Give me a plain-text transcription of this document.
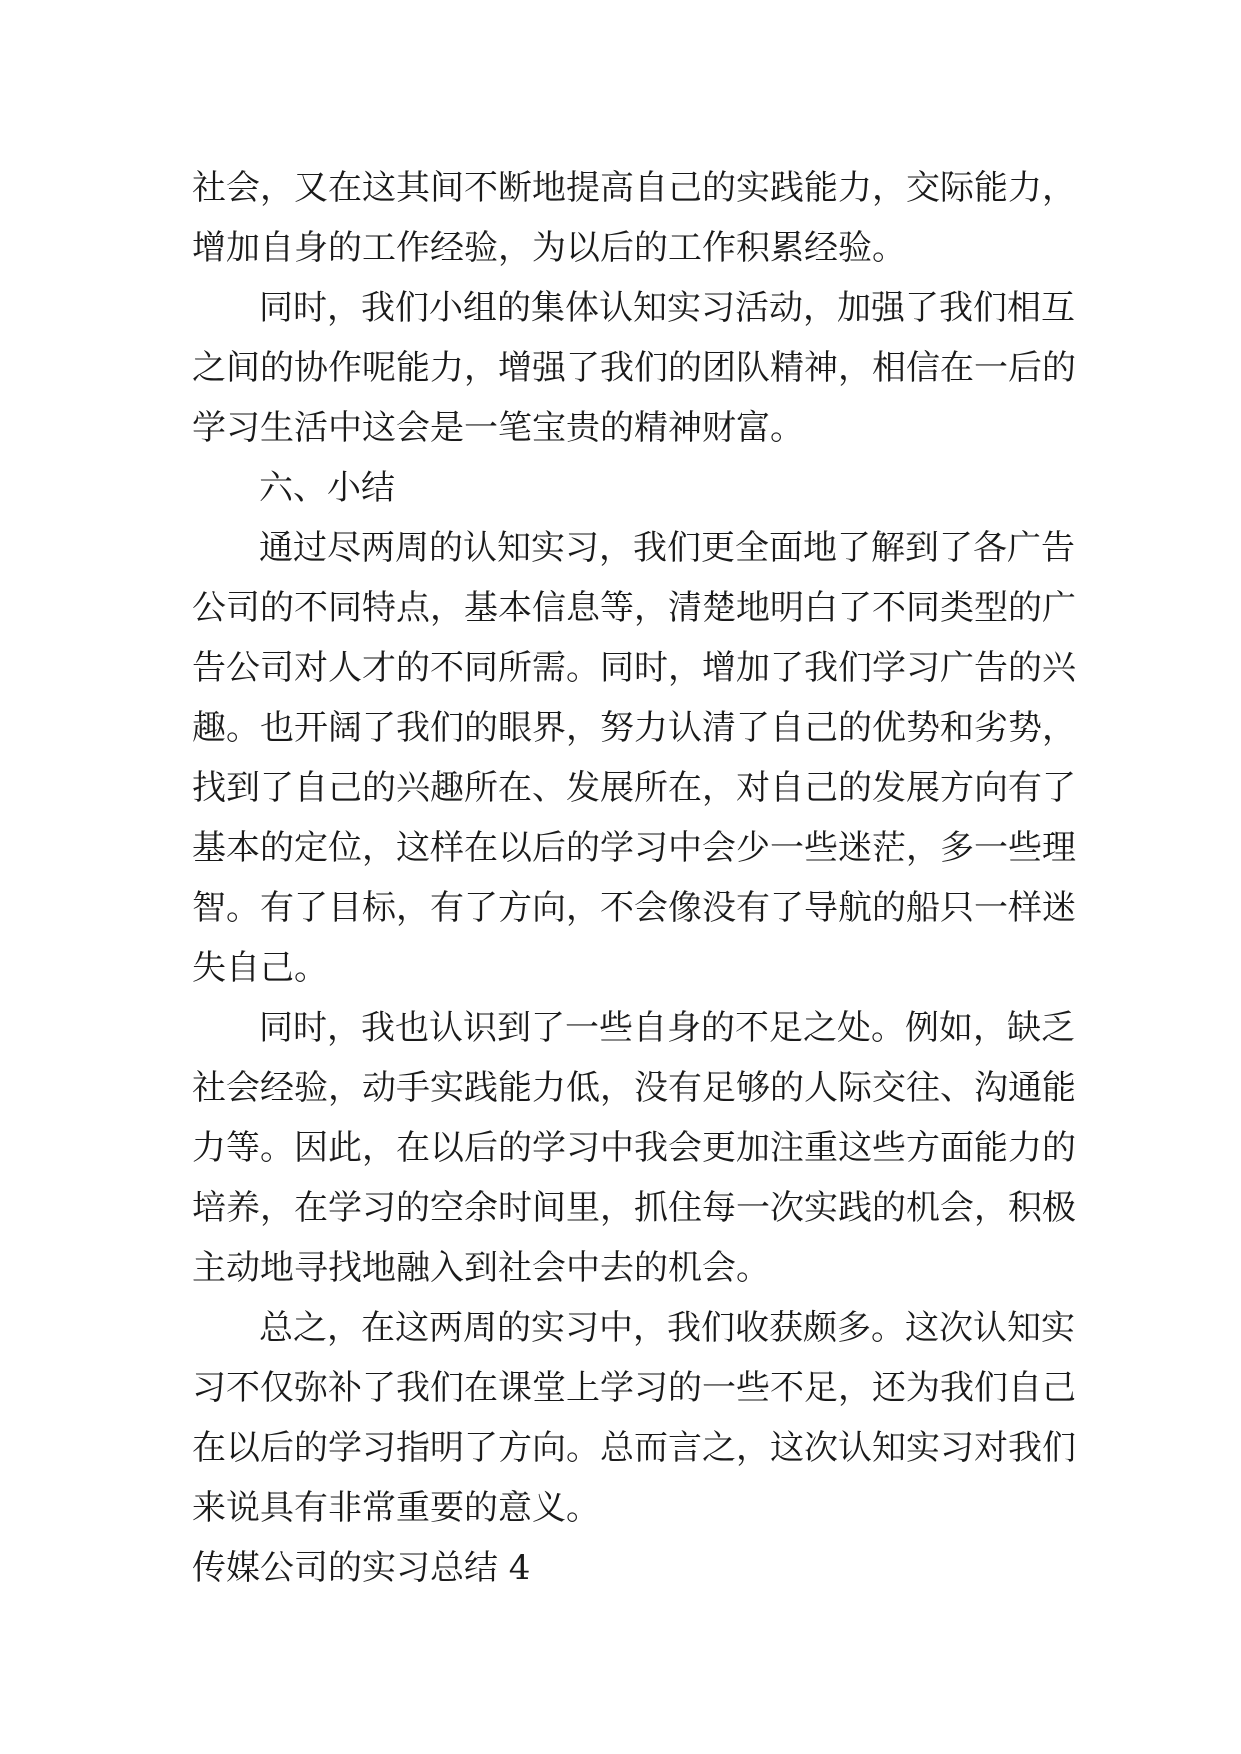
社会，又在这其间不断地提高自己的实践能力，交际能力，
增加自身的工作经验，为以后的工作积累经验。
同时，我们小组的集体认知实习活动，加强了我们相互
之间的协作呢能力，增强了我们的团队精神，相信在一后的
学习生活中这会是一笔宝贵的精神财富。
六、小结
通过尽两周的认知实习，我们更全面地了解到了各广告
公司的不同特点，基本信息等，清楚地明白了不同类型的广
告公司对人才的不同所需。同时，增加了我们学习广告的兴
趣。也开阔了我们的眼界，努力认清了自己的优势和劣势，
找到了自己的兴趣所在、发展所在，对自己的发展方向有了
基本的定位，这样在以后的学习中会少一些迷茫，多一些理
智。有了目标，有了方向，不会像没有了导航的船只一样迷
失自己。
同时，我也认识到了一些自身的不足之处。例如，缺乏
社会经验，动手实践能力低，没有足够的人际交往、沟通能
力等。因此，在以后的学习中我会更加注重这些方面能力的
培养，在学习的空余时间里，抓住每一次实践的机会，积极
主动地寻找地融入到社会中去的机会。
总之，在这两周的实习中，我们收获颇多。这次认知实
习不仅弥补了我们在课堂上学习的一些不足，还为我们自己
在以后的学习指明了方向。总而言之，这次认知实习对我们
来说具有非常重要的意义。
传媒公司的实习总结 4
